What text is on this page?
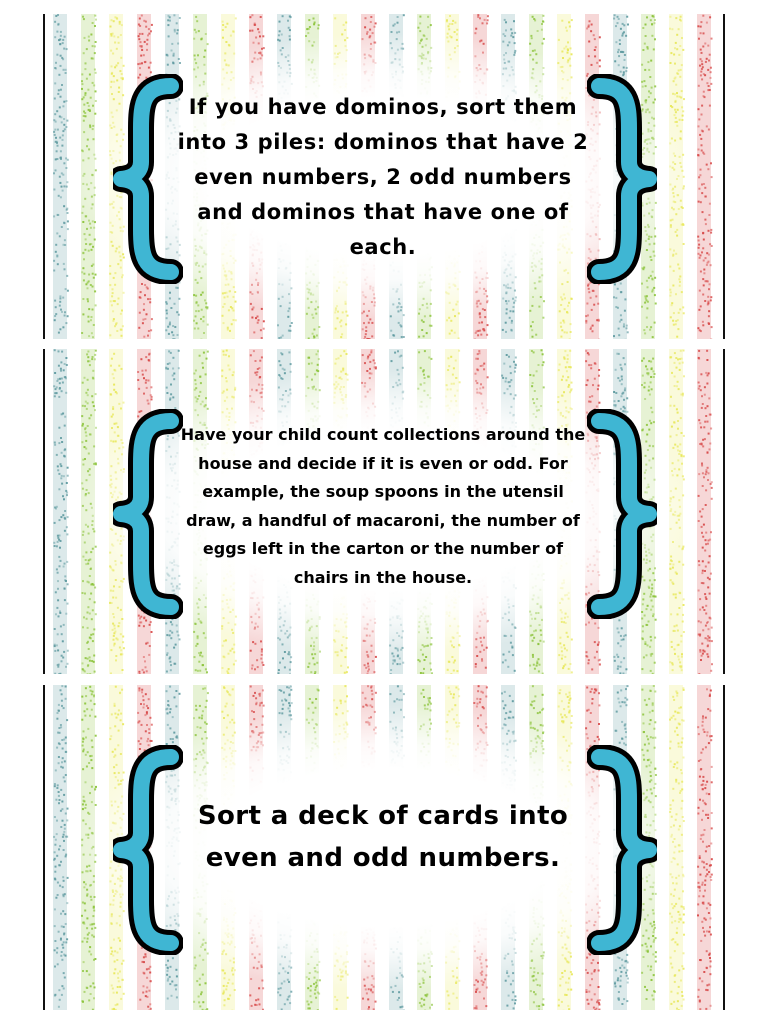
If you have dominos, sort them into 3 piles: dominos that have 2 even numbers, 2 odd numbers and dominos that have one of each.

Have your child count collections around the house and decide if it is even or odd. For example, the soup spoons in the utensil draw, a handful of macaroni, the number of eggs left in the carton or the number of chairs in the house.

Sort a deck of cards into even and odd numbers.
